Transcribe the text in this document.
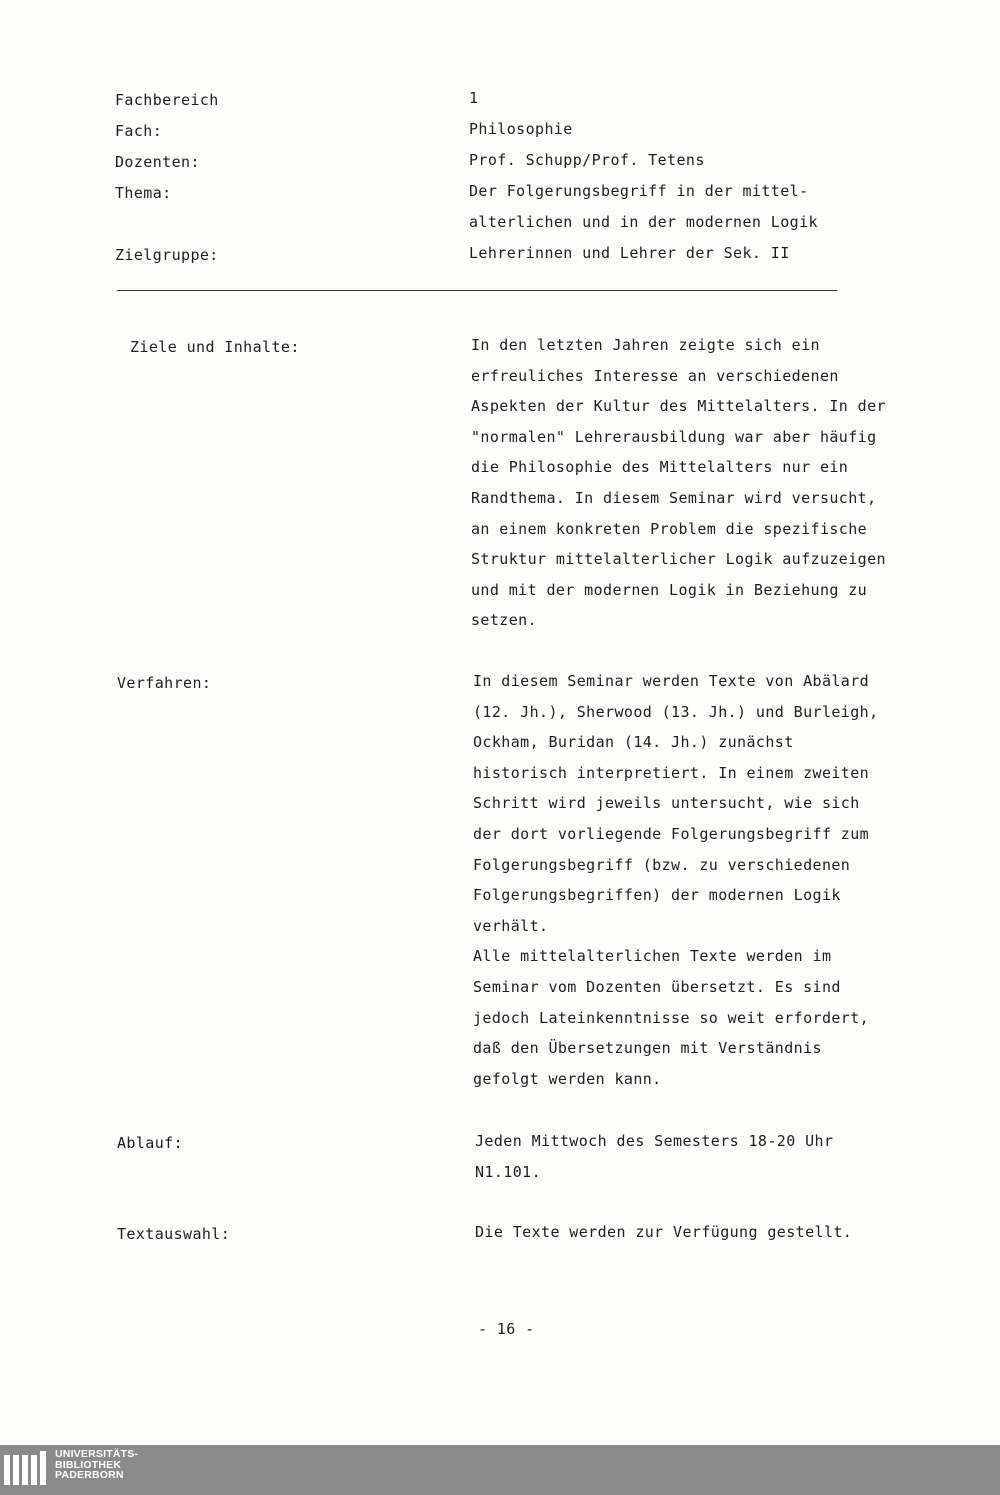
Fachbereich	1
Fach:	Philosophie
Dozenten:	Prof. Schupp/Prof. Tetens
Thema:	Der Folgerungsbegriff in der mittel-
alterlichen und in der modernen Logik
Zielgruppe:	Lehrerinnen und Lehrer der Sek. II
Ziele und Inhalte:	In den letzten Jahren zeigte sich ein
erfreuliches Interesse an verschiedenen
Aspekten der Kultur des Mittelalters. In der
"normalen" Lehrerausbildung war aber häufig
die Philosophie des Mittelalters nur ein
Randthema. In diesem Seminar wird versucht,
an einem konkreten Problem die spezifische
Struktur mittelalterlicher Logik aufzuzeigen
und mit der modernen Logik in Beziehung zu
setzen.
Verfahren:	In diesem Seminar werden Texte von Abälard
(12. Jh.), Sherwood (13. Jh.) und Burleigh,
Ockham, Buridan (14. Jh.) zunächst
historisch interpretiert. In einem zweiten
Schritt wird jeweils untersucht, wie sich
der dort vorliegende Folgerungsbegriff zum
Folgerungsbegriff (bzw. zu verschiedenen
Folgerungsbegriffen) der modernen Logik
verhält.
Alle mittelalterlichen Texte werden im
Seminar vom Dozenten übersetzt. Es sind
jedoch Lateinkenntnisse so weit erfordert,
daß den Übersetzungen mit Verständnis
gefolgt werden kann.
Ablauf:	Jeden Mittwoch des Semesters 18-20 Uhr
N1.101.
Textauswahl:	Die Texte werden zur Verfügung gestellt.
- 16 -
UNIVERSITÄTS-
BIBLIOTHEK
PADERBORN
